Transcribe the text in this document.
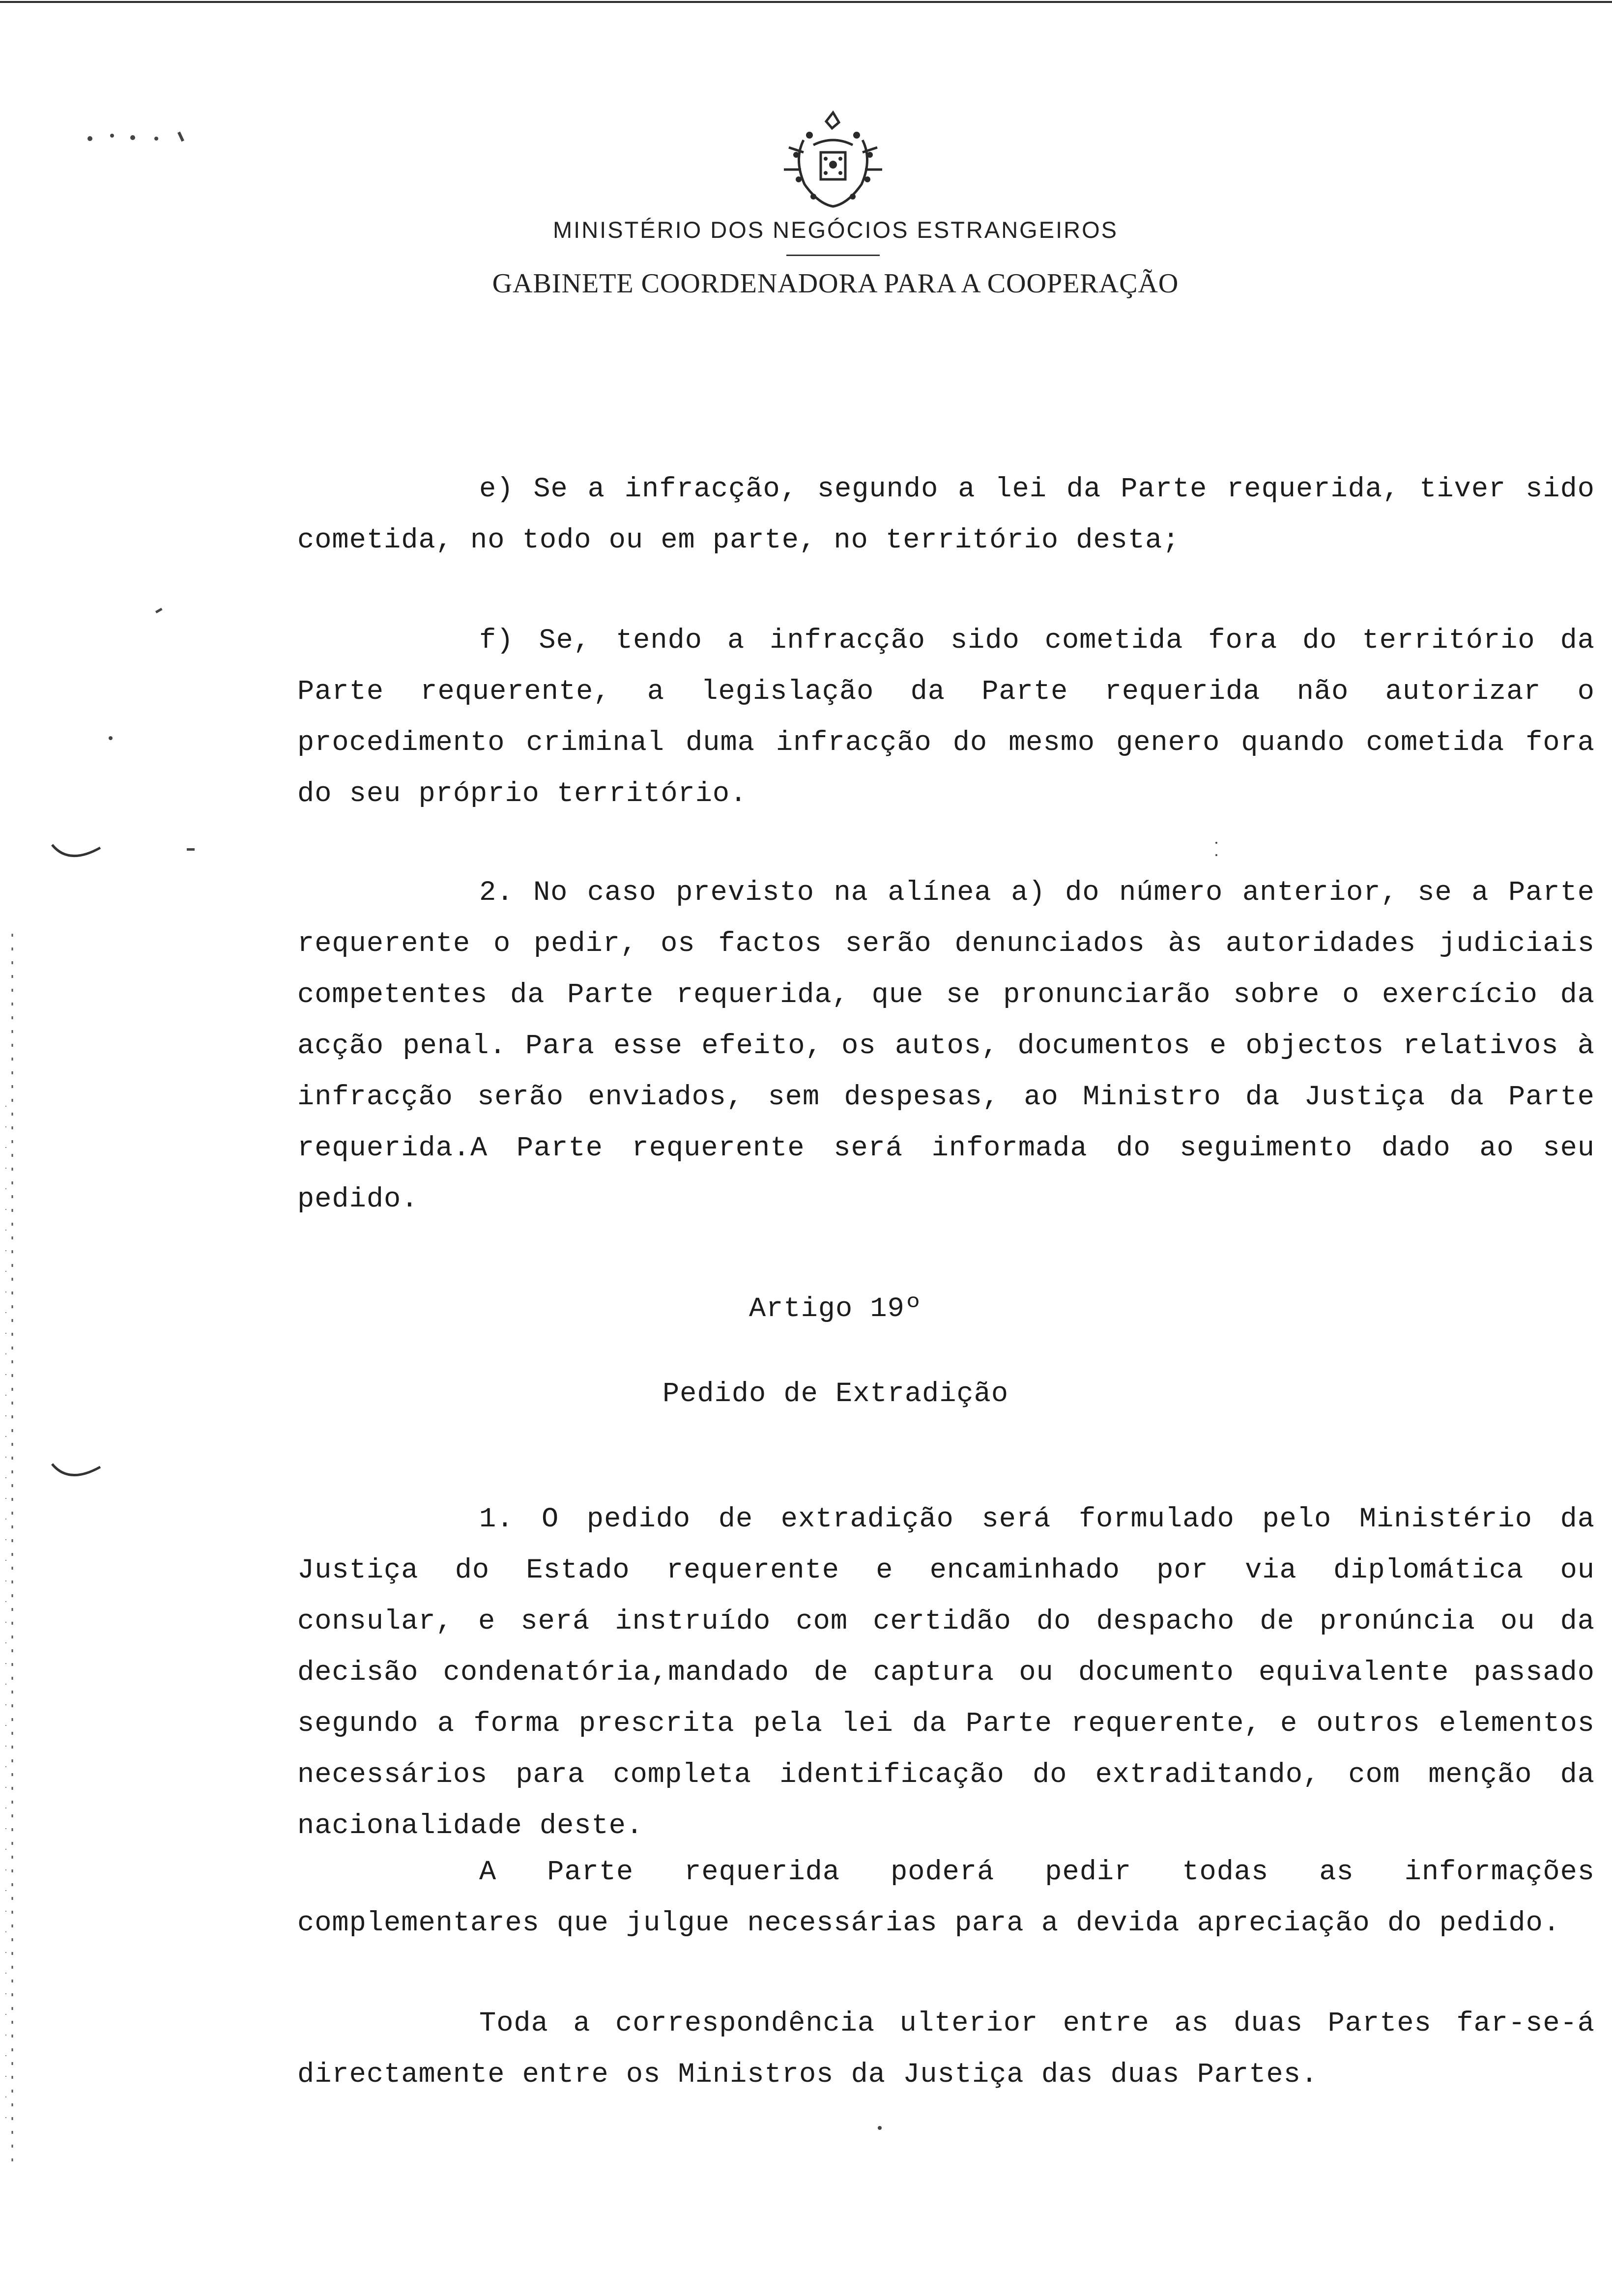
MINISTÉRIO DOS NEGÓCIOS ESTRANGEIROS
GABINETE COORDENADORA PARA A COOPERAÇÃO

e) Se a infracção, segundo a lei da Parte requerida, tiver sido cometida, no todo ou em parte, no território desta;

f) Se, tendo a infracção sido cometida fora do território da Parte requerente, a legislação da Parte requerida não autorizar o procedimento criminal duma infracção do mesmo genero quando cometida fora do seu próprio território.

2. No caso previsto na alínea a) do número anterior, se a Parte requerente o pedir, os factos serão denunciados às autoridades judiciais competentes da Parte requerida, que se pronunciarão sobre o exercício da acção penal. Para esse efeito, os autos, documentos e objectos relativos à infracção serão enviados, sem despesas, ao Ministro da Justiça da Parte requerida.A Parte requerente será informada do seguimento dado ao seu pedido.

Artigo 19º

Pedido de Extradição

1. O pedido de extradição será formulado pelo Ministério da Justiça do Estado requerente e encaminhado por via diplomática ou consular, e será instruído com certidão do despacho de pronúncia ou da decisão condenatória,mandado de captura ou documento equivalente passado segundo a forma prescrita pela lei da Parte requerente, e outros elementos necessários para completa identificação do extraditando, com menção da nacionalidade deste.

A Parte requerida poderá pedir todas as informações complementares que julgue necessárias para a devida apreciação do pedido.

Toda a correspondência ulterior entre as duas Partes far-se-á directamente entre os Ministros da Justiça das duas Partes.
